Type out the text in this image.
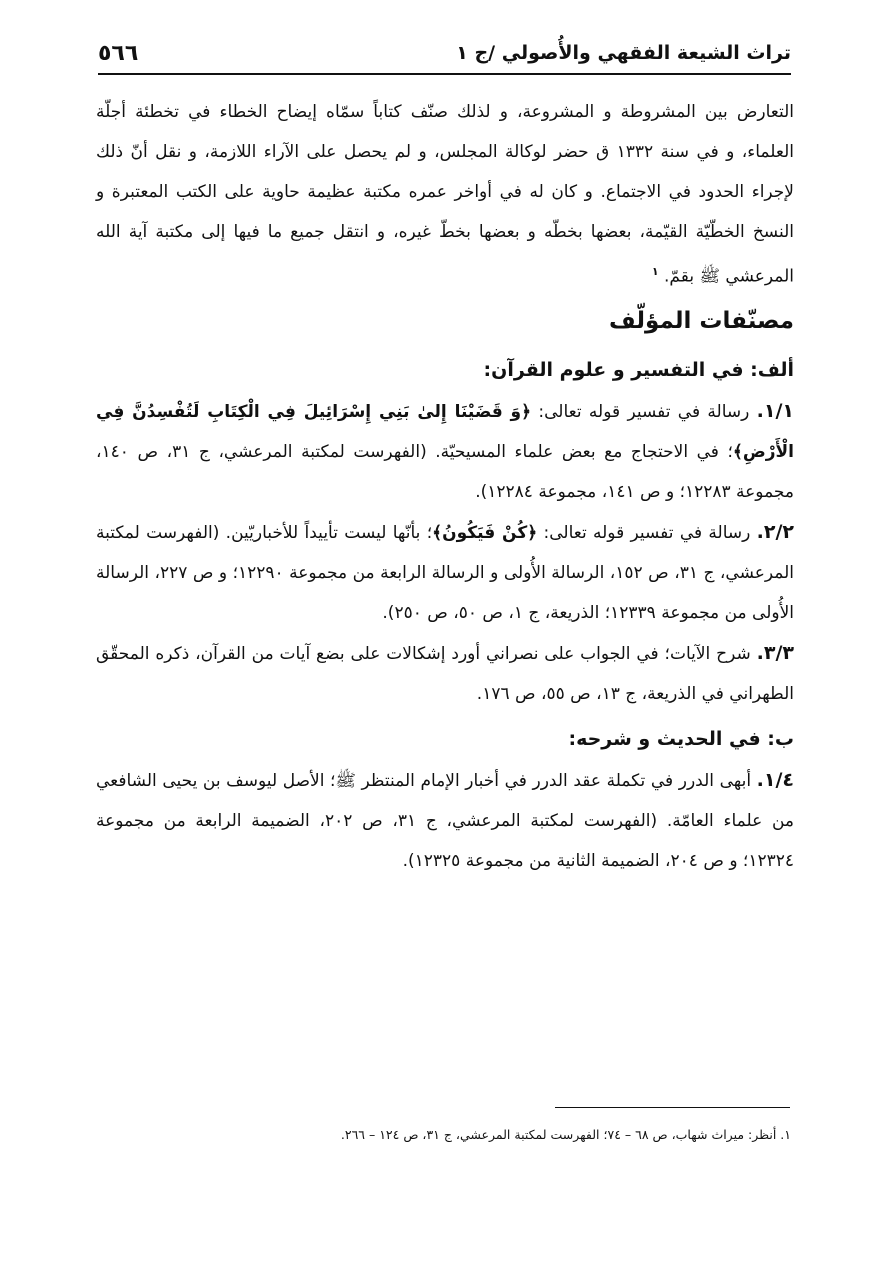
تراث الشيعة الفقهي والأُصولي /ج ١
٥٦٦

التعارض بين المشروطة و المشروعة، و لذلك صنّف كتاباً سمّاه إيضاح الخطاء في تخطئة أجلّة العلماء، و في سنة ١٣٣٢ ق حضر لوكالة المجلس، و لم يحصل على الآراء اللازمة، و نقل أنّ ذلك لإجراء الحدود في الاجتماع. و كان له في أواخر عمره مكتبة عظيمة حاوية على الكتب المعتبرة و النسخ الخطّيّة القيّمة، بعضها بخطّه و بعضها بخطّ غيره، و انتقل جميع ما فيها إلى مكتبة آية الله المرعشي ﷺ بقمّ. $^١$

مصنّفات المؤلّف
ألف: في التفسير و علوم القرآن:

١/١. رسالة في تفسير قوله تعالى: ﴿وَ قَضَيْنَا إِلىٰ بَنِي إِسْرَائِيلَ فِي الْكِتَابِ لَتُفْسِدُنَّ فِي الْأَرْضِ﴾؛ في الاحتجاج مع بعض علماء المسيحيّة. (الفهرست لمكتبة المرعشي، ج ٣١، ص ١٤٠، مجموعة ١٢٢٨٣؛ و ص ١٤١، مجموعة ١٢٢٨٤).

٢/٢. رسالة في تفسير قوله تعالى: ﴿كُنْ فَيَكُونُ﴾؛ بأنّها ليست تأييداً للأخباريّين. (الفهرست لمكتبة المرعشي، ج ٣١، ص ١٥٢، الرسالة الأُولى و الرسالة الرابعة من مجموعة ١٢٢٩٠؛ و ص ٢٢٧، الرسالة الأُولى من مجموعة ١٢٣٣٩؛ الذريعة، ج ١، ص ٥٠، ص ٢٥٠).

٣/٣. شرح الآيات؛ في الجواب على نصراني أورد إشكالات على بضع آيات من القرآن، ذكره المحقّق الطهراني في الذريعة، ج ١٣، ص ٥٥، ص ١٧٦.

ب: في الحديث و شرحه:

١/٤. أبهى الدرر في تكملة عقد الدرر في أخبار الإمام المنتظر ﷺ؛ الأصل ليوسف بن يحيى الشافعي من علماء العامّة. (الفهرست لمكتبة المرعشي، ج ٣١، ص ٢٠٢، الضميمة الرابعة من مجموعة ١٢٣٢٤؛ و ص ٢٠٤، الضميمة الثانية من مجموعة ١٢٣٢٥).

١. أنظر: ميراث شهاب، ص ٦٨ – ٧٤؛ الفهرست لمكتبة المرعشي، ج ٣١، ص ١٢٤ – ٢٦٦.
